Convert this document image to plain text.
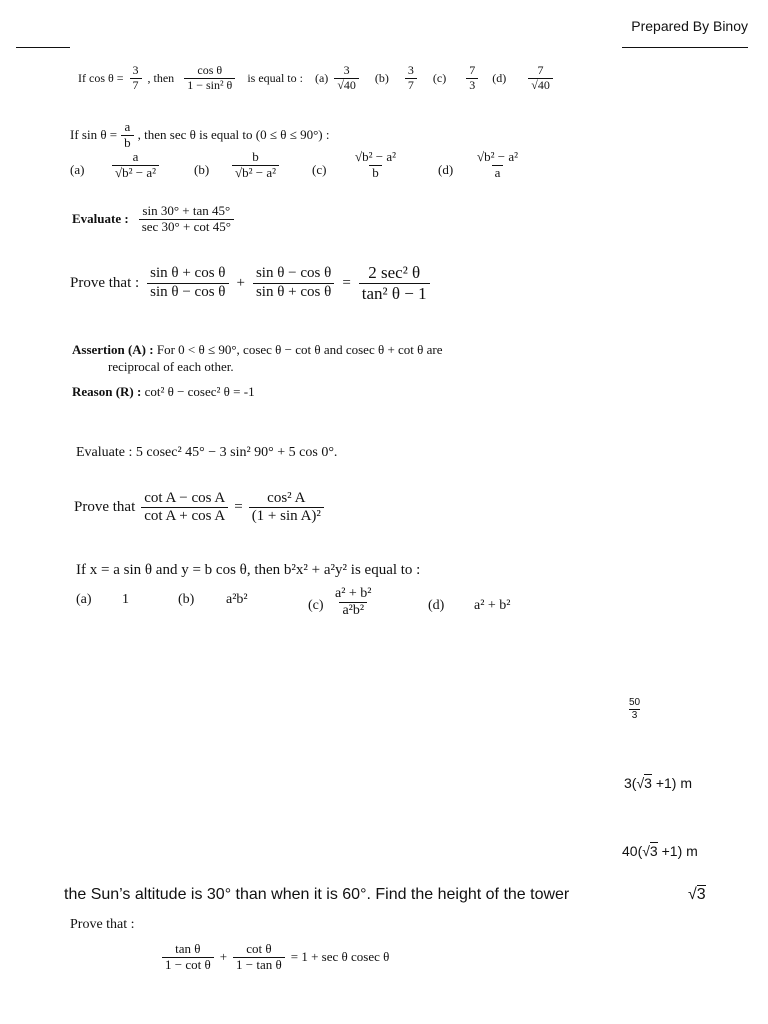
Prepared By Binoy
If $\cos \theta = \frac{3}{7}$ , then $\frac{\text{cos θ}}{\text{1 − sin² θ}}$ is equal to : $(a) \frac{3}{√40} (b) \frac{3}{7} (c) \frac{7}{3} (d) \frac{7}{√40}$
If $\sin \theta = \frac{a}{b}$ , then sec θ is equal to (0 ≤ θ ≤ 90°) :
$(a) \frac{a}{\text{√b² − a²}}$	$(b) \frac{b}{\text{√b² − a²}}$	$(c) \frac{\text{√b² − a²}}{b}$	$(d) \frac{\text{√b² − a²}}{a}$
Evaluate : $\frac{\sin 30^\circ + \tan 45^\circ}{\sec 30^\circ + \cot 45^\circ}$
Prove that : $\frac{\text{sin θ + cos θ}}{\text{sin θ − cos θ}} + \frac{\text{sin θ − cos θ}}{\text{sin θ + cos θ}} = \frac{\text{2 sec² θ}}{\text{tan² θ − 1}}$
Assertion (A) : For 0 < θ ≤ 90°, cosec θ − cot θ and cosec θ + cot θ are
reciprocal of each other.
Reason (R) : cot² θ − cosec² θ = -1
Evaluate : 5 cosec² 45° − 3 sin² 90° + 5 cos 0°.
Prove that $\frac{\text{cot A − cos A}}{\text{cot A + cos A}} = \frac{\text{cos² A}}{\text{(1 + sin A)²}}$
If x = a sin θ and y = b cos θ, then b²x² + a²y² is equal to :
(a) 1	(b) a²b²	$(c) \frac{\text{a² + b²}}{\text{a²b²}}$	(d) a² + b²
$\frac{50}{3}$
3(√3 +1) m
40(√3 +1) m
the Sun’s altitude is 30° than when it is 60°. Find the height of the tower	√3
Prove that :
$\frac{\text{tan θ}}{\text{1 − cot θ}} + \frac{\text{cot θ}}{\text{1 − tan θ}} = 1 + \sec \theta$ cosec θ
